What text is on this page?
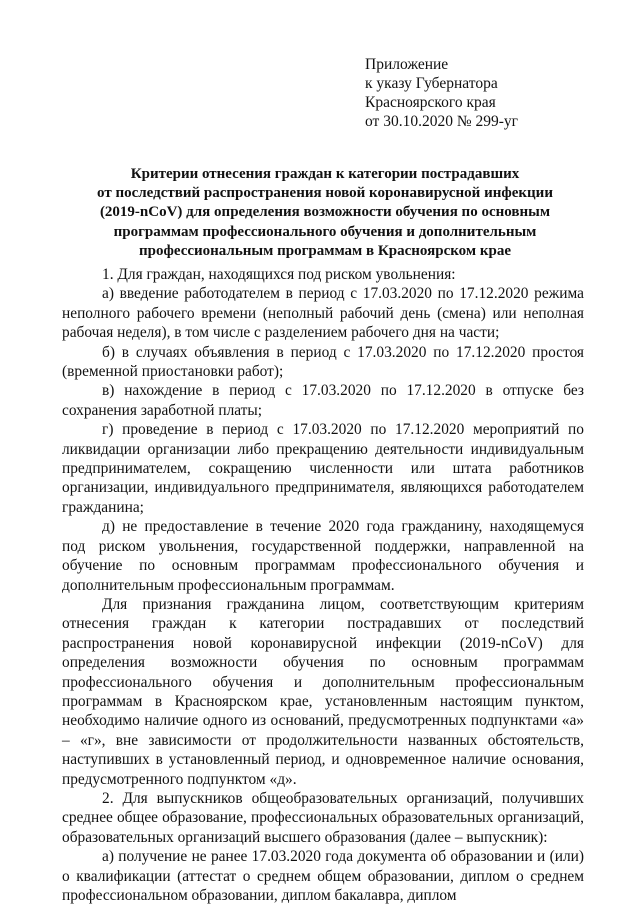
Приложение
к указу Губернатора
Красноярского края
от 30.10.2020 № 299-уг
Критерии отнесения граждан к категории пострадавших
от последствий распространения новой коронавирусной инфекции
(2019-nCoV) для определения возможности обучения по основным
программам профессионального обучения и дополнительным
профессиональным программам в Красноярском крае

1. Для граждан, находящихся под риском увольнения:

а) введение работодателем в период с 17.03.2020 по 17.12.2020 режима неполного рабочего времени (неполный рабочий день (смена) или неполная рабочая неделя), в том числе с разделением рабочего дня на части;

б) в случаях объявления в период с 17.03.2020 по 17.12.2020 простоя (временной приостановки работ);

в) нахождение в период с 17.03.2020 по 17.12.2020 в отпуске без сохранения заработной платы;

г) проведение в период с 17.03.2020 по 17.12.2020 мероприятий по ликвидации организации либо прекращению деятельности индивидуальным предпринимателем, сокращению численности или штата работников организации, индивидуального предпринимателя, являющихся работодателем гражданина;

д) не предоставление в течение 2020 года гражданину, находящемуся под риском увольнения, государственной поддержки, направленной на обучение по основным программам профессионального обучения и дополнительным профессиональным программам.

Для признания гражданина лицом, соответствующим критериям отнесения граждан к категории пострадавших от последствий распространения новой коронавирусной инфекции (2019-nCoV) для определения возможности обучения по основным программам профессионального обучения и дополнительным профессиональным программам в Красноярском крае, установленным настоящим пунктом, необходимо наличие одного из оснований, предусмотренных подпунктами «а» – «г», вне зависимости от продолжительности названных обстоятельств, наступивших в установленный период, и одновременное наличие основания, предусмотренного подпунктом «д».

2. Для выпускников общеобразовательных организаций, получивших среднее общее образование, профессиональных образовательных организаций, образовательных организаций высшего образования (далее – выпускник):

а) получение не ранее 17.03.2020 года документа об образовании и (или) о квалификации (аттестат о среднем общем образовании, диплом о среднем профессиональном образовании, диплом бакалавра, диплом
